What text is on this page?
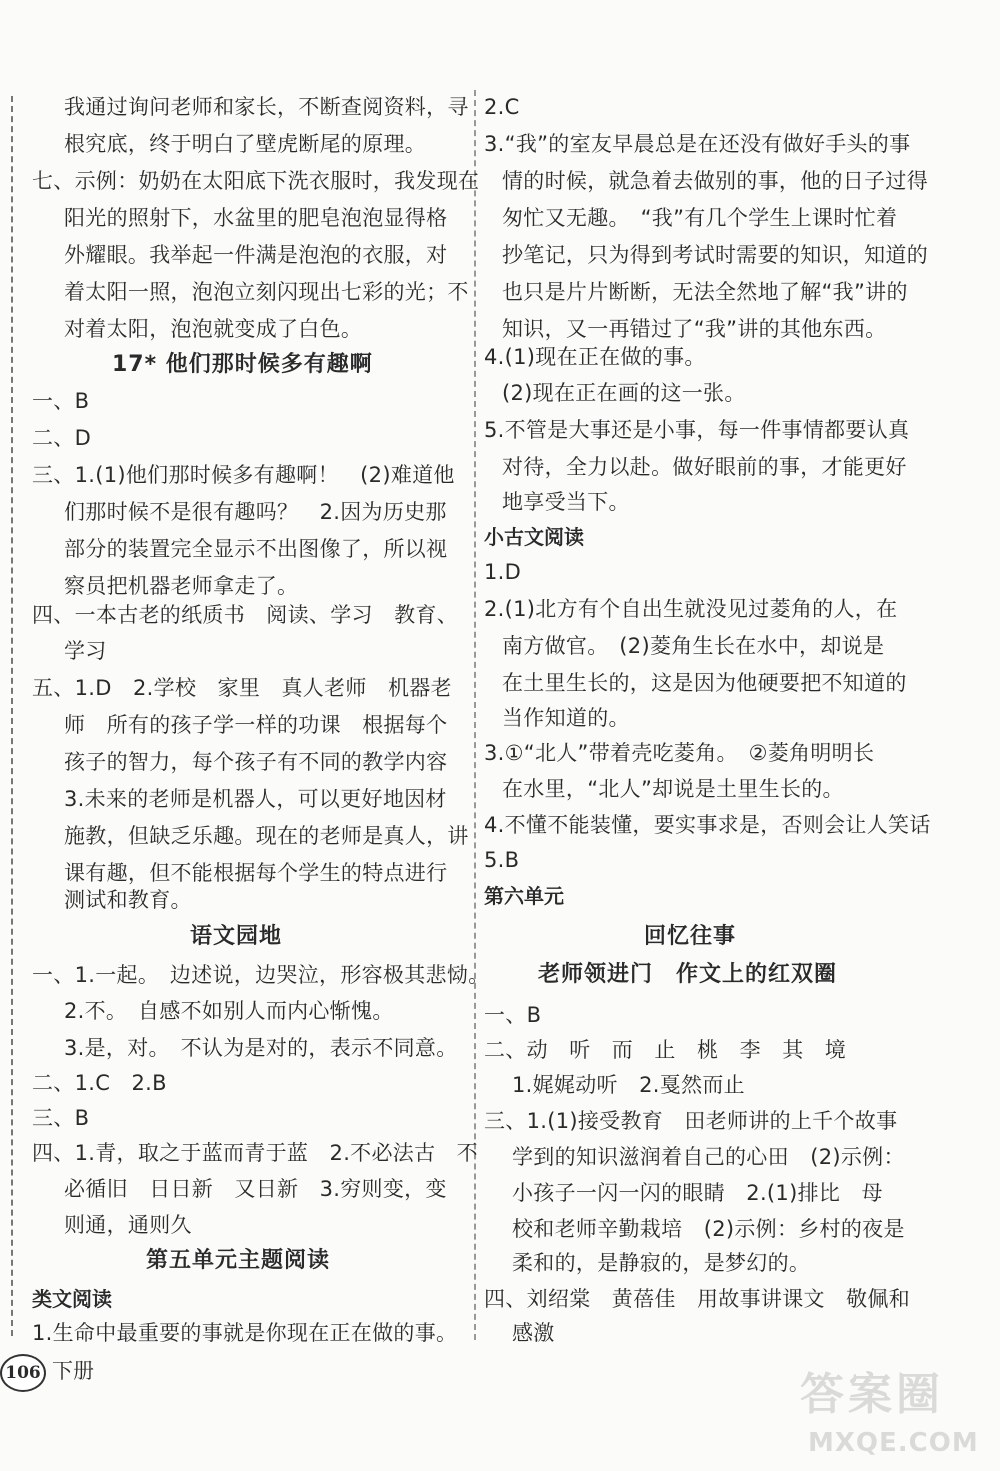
我通过询问老师和家长，不断查阅资料，寻
根究底，终于明白了壁虎断尾的原理。
七、示例：奶奶在太阳底下洗衣服时，我发现在
阳光的照射下，水盆里的肥皂泡泡显得格
外耀眼。我举起一件满是泡泡的衣服，对
着太阳一照，泡泡立刻闪现出七彩的光；不
对着太阳，泡泡就变成了白色。
17* 他们那时候多有趣啊
一、B
二、D
三、1.(1)他们那时候多有趣啊！　(2)难道他
们那时候不是很有趣吗？　2.因为历史那
部分的装置完全显示不出图像了，所以视
察员把机器老师拿走了。
四、一本古老的纸质书　阅读、学习　教育、
学习
五、1.D　2.学校　家里　真人老师　机器老
师　所有的孩子学一样的功课　根据每个
孩子的智力，每个孩子有不同的教学内容
3.未来的老师是机器人，可以更好地因材
施教，但缺乏乐趣。现在的老师是真人，讲
课有趣，但不能根据每个学生的特点进行
测试和教育。
语文园地
一、1.一起。　边述说，边哭泣，形容极其悲恸。
2.不。　自感不如别人而内心惭愧。
3.是，对。　不认为是对的，表示不同意。
二、1.C　2.B
三、B
四、1.青，取之于蓝而青于蓝　2.不必法古　不
必循旧　日日新　又日新　3.穷则变，变
则通，通则久
第五单元主题阅读
类文阅读
1.生命中最重要的事就是你现在正在做的事。
2.C
3.“我”的室友早晨总是在还没有做好手头的事
情的时候，就急着去做别的事，他的日子过得
匆忙又无趣。　“我”有几个学生上课时忙着
抄笔记，只为得到考试时需要的知识，知道的
也只是片片断断，无法全然地了解“我”讲的
知识，又一再错过了“我”讲的其他东西。
4.(1)现在正在做的事。
(2)现在正在画的这一张。
5.不管是大事还是小事，每一件事情都要认真
对待，全力以赴。做好眼前的事，才能更好
地享受当下。
小古文阅读
1.D
2.(1)北方有个自出生就没见过菱角的人，在
南方做官。　(2)菱角生长在水中，却说是
在土里生长的，这是因为他硬要把不知道的
当作知道的。
3.①“北人”带着壳吃菱角。　②菱角明明长
在水里，“北人”却说是土里生长的。
4.不懂不能装懂，要实事求是，否则会让人笑话
5.B
第六单元
回忆往事
老师领进门　作文上的红双圈
一、B
二、动　听　而　止　桃　李　其　境
1.娓娓动听　2.戛然而止
三、1.(1)接受教育　田老师讲的上千个故事
学到的知识滋润着自己的心田　(2)示例：
小孩子一闪一闪的眼睛　2.(1)排比　母
校和老师辛勤栽培　(2)示例：乡村的夜是
柔和的，是静寂的，是梦幻的。
四、刘绍棠　黄蓓佳　用故事讲课文　敬佩和
感激
106 下册	答案圈
MXQE.COM
